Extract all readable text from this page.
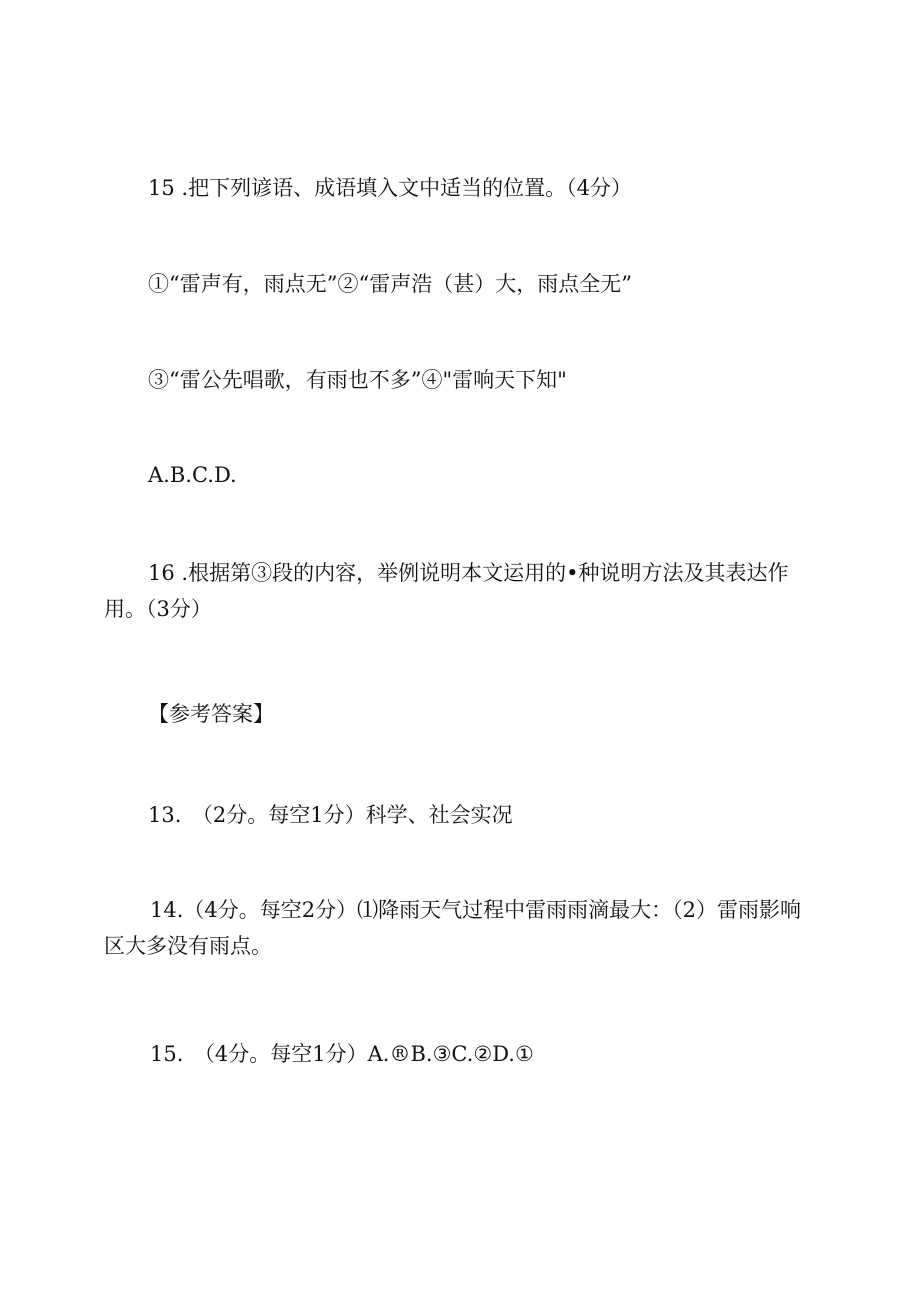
15 .把下列谚语、成语填入文中适当的位置。（4分）
①“雷声有，雨点无”②“雷声浩（甚）大，雨点全无”
③“雷公先唱歌，有雨也不多”④"雷响天下知"
A.B.C.D.
16 .根据第③段的内容，举例说明本文运用的•种说明方法及其表达作用。（3分）
【参考答案】
13.　（2分。每空1分）科学、社会实况
14.（4分。每空2分）⑴降雨天气过程中雷雨雨滴最大：（2）雷雨影响区大多没有雨点。
15.　（4分。每空1分）A.®B.③C.②D.①
